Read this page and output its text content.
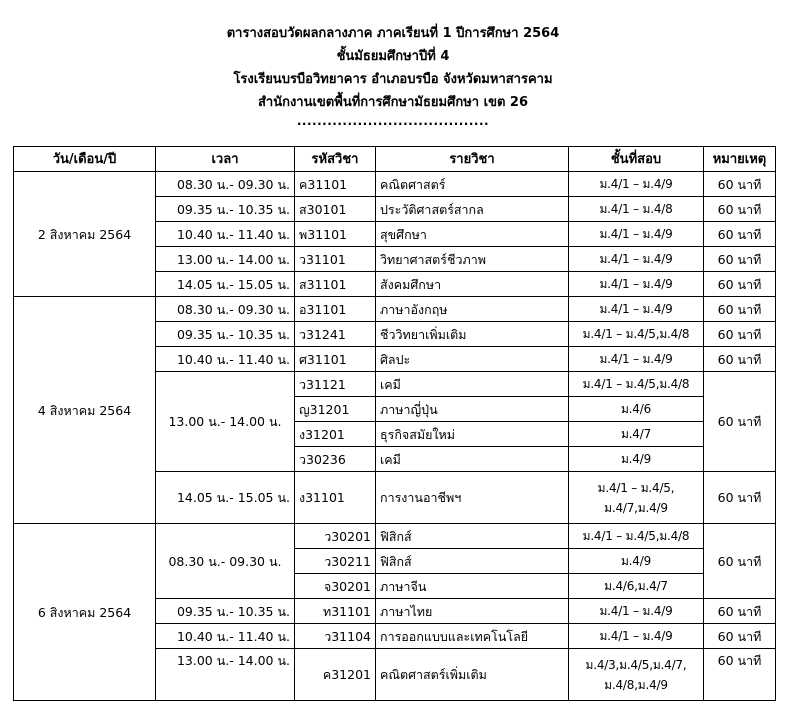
ตารางสอบวัดผลกลางภาค ภาคเรียนที่ 1 ปีการศึกษา 2564
ชั้นมัธยมศึกษาปีที่ 4
โรงเรียนบรบือวิทยาคาร อำเภอบรบือ จังหวัดมหาสารคาม
สำนักงานเขตพื้นที่การศึกษามัธยมศึกษา เขต 26
......................................
วัน/เดือน/ปี	เวลา	รหัสวิชา	รายวิชา	ชั้นที่สอบ	หมายเหตุ
2 สิงหาคม 2564	08.30 น.- 09.30 น.	ค31101	คณิตศาสตร์	ม.4/1 – ม.4/9	60 นาที
	09.35 น.- 10.35 น.	ส30101	ประวัติศาสตร์สากล	ม.4/1 – ม.4/8	60 นาที
	10.40 น.- 11.40 น.	พ31101	สุขศึกษา	ม.4/1 – ม.4/9	60 นาที
	13.00 น.- 14.00 น.	ว31101	วิทยาศาสตร์ชีวภาพ	ม.4/1 – ม.4/9	60 นาที
	14.05 น.- 15.05 น.	ส31101	สังคมศึกษา	ม.4/1 – ม.4/9	60 นาที
4 สิงหาคม 2564	08.30 น.- 09.30 น.	อ31101	ภาษาอังกฤษ	ม.4/1 – ม.4/9	60 นาที
	09.35 น.- 10.35 น.	ว31241	ชีววิทยาเพิ่มเติม	ม.4/1 – ม.4/5,ม.4/8	60 นาที
	10.40 น.- 11.40 น.	ศ31101	ศิลปะ	ม.4/1 – ม.4/9	60 นาที
	13.00 น.- 14.00 น.	ว31121	เคมี	ม.4/1 – ม.4/5,ม.4/8	60 นาที
		ญ31201	ภาษาญี่ปุ่น	ม.4/6	
		ง31201	ธุรกิจสมัยใหม่	ม.4/7	
		ว30236	เคมี	ม.4/9	
	14.05 น.- 15.05 น.	ง31101	การงานอาชีพฯ	ม.4/1 – ม.4/5,
ม.4/7,ม.4/9	60 นาที
6 สิงหาคม 2564	08.30 น.- 09.30 น.	ว30201	ฟิสิกส์	ม.4/1 – ม.4/5,ม.4/8	60 นาที
		ว30211	ฟิสิกส์	ม.4/9	
		จ30201	ภาษาจีน	ม.4/6,ม.4/7	
	09.35 น.- 10.35 น.	ท31101	ภาษาไทย	ม.4/1 – ม.4/9	60 นาที
	10.40 น.- 11.40 น.	ว31104	การออกแบบและเทคโนโลยี	ม.4/1 – ม.4/9	60 นาที
	13.00 น.- 14.00 น.	ค31201	คณิตศาสตร์เพิ่มเติม	ม.4/3,ม.4/5,ม.4/7,
ม.4/8,ม.4/9	60 นาที
